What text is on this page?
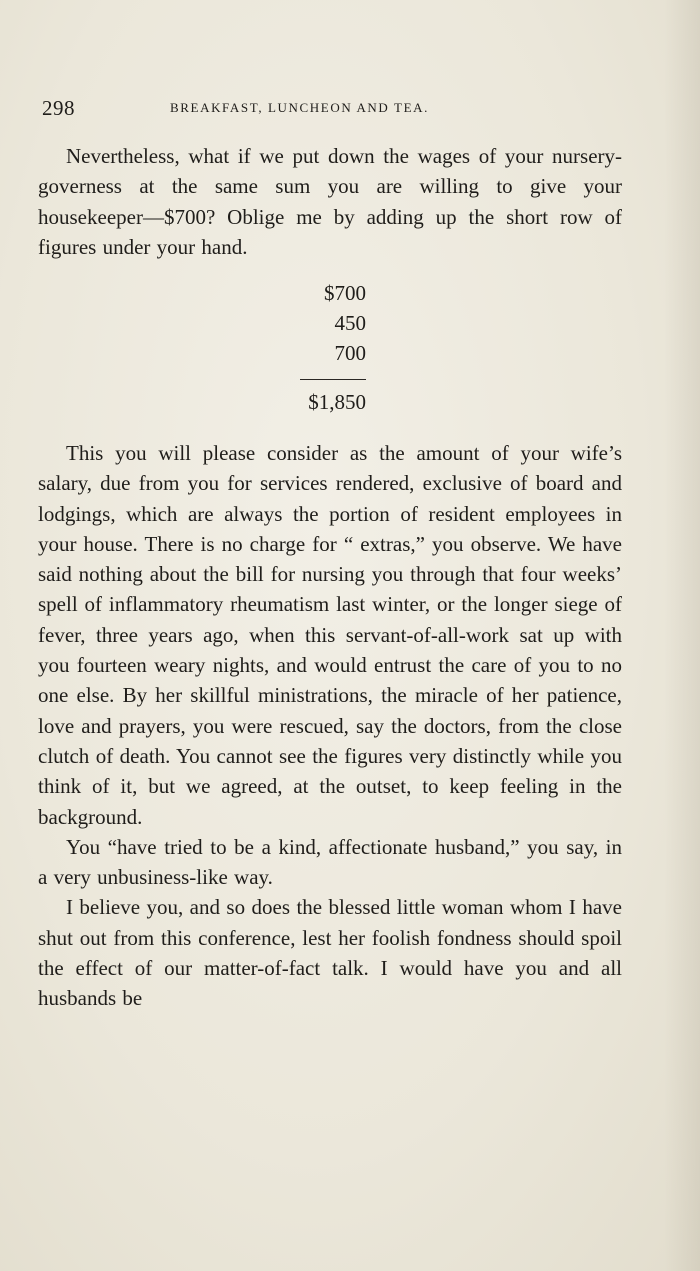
298	BREAKFAST, LUNCHEON AND TEA.

Nevertheless, what if we put down the wages of your nursery-governess at the same sum you are willing to give your housekeeper—$700? Oblige me by adding up the short row of figures under your hand.

$700
450
700
$1,850

This you will please consider as the amount of your wife’s salary, due from you for services rendered, exclusive of board and lodgings, which are always the portion of resident employees in your house. There is no charge for “ extras,” you observe. We have said nothing about the bill for nursing you through that four weeks’ spell of inflammatory rheumatism last winter, or the longer siege of fever, three years ago, when this servant-of-all-work sat up with you fourteen weary nights, and would entrust the care of you to no one else. By her skillful ministrations, the miracle of her patience, love and prayers, you were rescued, say the doctors, from the close clutch of death. You cannot see the figures very distinctly while you think of it, but we agreed, at the outset, to keep feeling in the background.

You “have tried to be a kind, affectionate husband,” you say, in a very unbusiness-like way.

I believe you, and so does the blessed little woman whom I have shut out from this conference, lest her foolish fondness should spoil the effect of our matter-of-fact talk. I would have you and all husbands be
